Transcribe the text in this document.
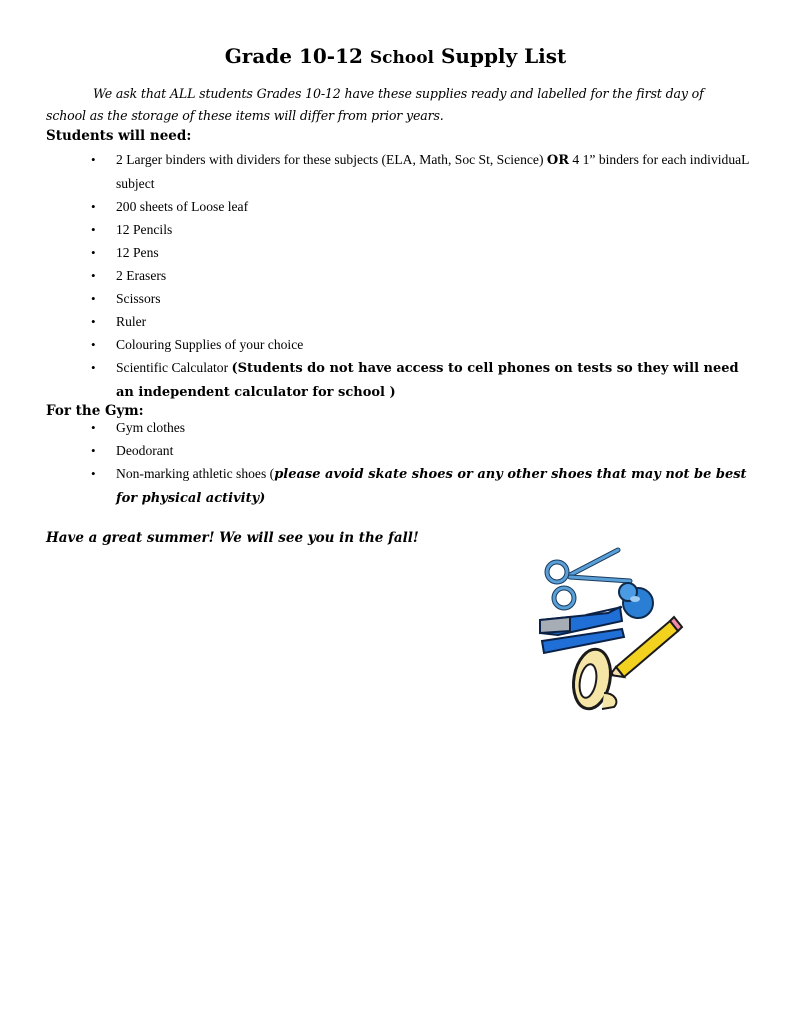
Grade 10-12 School Supply List

We ask that ALL students Grades 10-12 have these supplies ready and labelled for the first day of school as the storage of these items will differ from prior years.

Students will need:

• 2 Larger binders with dividers for these subjects (ELA, Math, Soc St, Science) OR 4 1” binders for each individuaL subject
• 200 sheets of Loose leaf
• 12 Pencils
• 12 Pens
• 2 Erasers
• Scissors
• Ruler
• Colouring Supplies of your choice
• Scientific Calculator (Students do not have access to cell phones on tests so they will need an independent calculator for school )

For the Gym:

• Gym clothes
• Deodorant
• Non-marking athletic shoes (please avoid skate shoes or any other shoes that may not be best for physical activity)

Have a great summer! We will see you in the fall!
